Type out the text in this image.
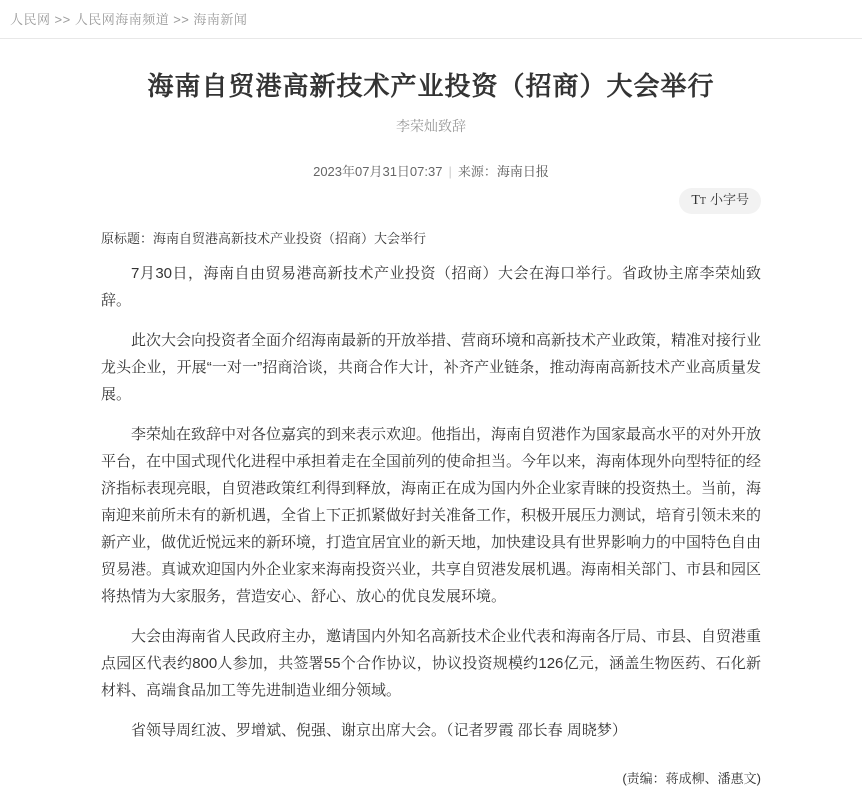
人民网 >> 人民网海南频道 >> 海南新闻
海南自贸港高新技术产业投资（招商）大会举行
李荣灿致辞
2023年07月31日07:37 | 来源：海南日报
TT 小字号
原标题：海南自贸港高新技术产业投资（招商）大会举行

7月30日，海南自由贸易港高新技术产业投资（招商）大会在海口举行。省政协主席李荣灿致辞。

此次大会向投资者全面介绍海南最新的开放举措、营商环境和高新技术产业政策，精准对接行业龙头企业，开展“一对一”招商洽谈，共商合作大计，补齐产业链条，推动海南高新技术产业高质量发展。

李荣灿在致辞中对各位嘉宾的到来表示欢迎。他指出，海南自贸港作为国家最高水平的对外开放平台，在中国式现代化进程中承担着走在全国前列的使命担当。今年以来，海南体现外向型特征的经济指标表现亮眼，自贸港政策红利得到释放，海南正在成为国内外企业家青睐的投资热土。当前，海南迎来前所未有的新机遇，全省上下正抓紧做好封关准备工作，积极开展压力测试，培育引领未来的新产业，做优近悦远来的新环境，打造宜居宜业的新天地，加快建设具有世界影响力的中国特色自由贸易港。真诚欢迎国内外企业家来海南投资兴业，共享自贸港发展机遇。海南相关部门、市县和园区将热情为大家服务，营造安心、舒心、放心的优良发展环境。

大会由海南省人民政府主办，邀请国内外知名高新技术企业代表和海南各厅局、市县、自贸港重点园区代表约800人参加，共签署55个合作协议，协议投资规模约126亿元，涵盖生物医药、石化新材料、高端食品加工等先进制造业细分领域。

省领导周红波、罗增斌、倪强、谢京出席大会。（记者罗霞 邵长春 周晓梦）

(责编：蒋成柳、潘惠文)
